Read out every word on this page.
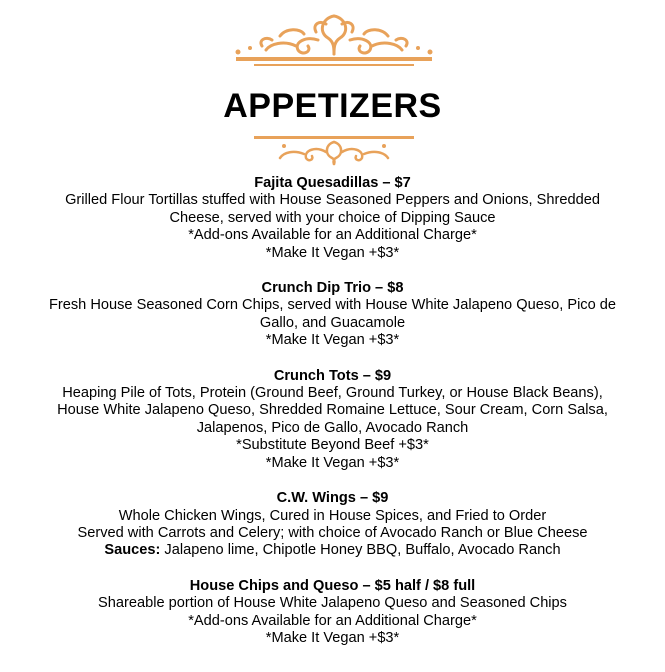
APPETIZERS
Fajita Quesadillas – $7
Grilled Flour Tortillas stuffed with House Seasoned Peppers and Onions, Shredded
Cheese, served with your choice of Dipping Sauce
*Add-ons Available for an Additional Charge*
*Make It Vegan +$3*
Crunch Dip Trio – $8
Fresh House Seasoned Corn Chips, served with House White Jalapeno Queso, Pico de
Gallo, and Guacamole
*Make It Vegan +$3*
Crunch Tots – $9
Heaping Pile of Tots, Protein (Ground Beef, Ground Turkey, or House Black Beans),
House White Jalapeno Queso, Shredded Romaine Lettuce, Sour Cream, Corn Salsa,
Jalapenos, Pico de Gallo, Avocado Ranch
*Substitute Beyond Beef +$3*
*Make It Vegan +$3*
C.W. Wings – $9
Whole Chicken Wings, Cured in House Spices, and Fried to Order
Served with Carrots and Celery; with choice of Avocado Ranch or Blue Cheese
Sauces: Jalapeno lime, Chipotle Honey BBQ, Buffalo, Avocado Ranch
House Chips and Queso – $5 half / $8 full
Shareable portion of House White Jalapeno Queso and Seasoned Chips
*Add-ons Available for an Additional Charge*
*Make It Vegan +$3*
